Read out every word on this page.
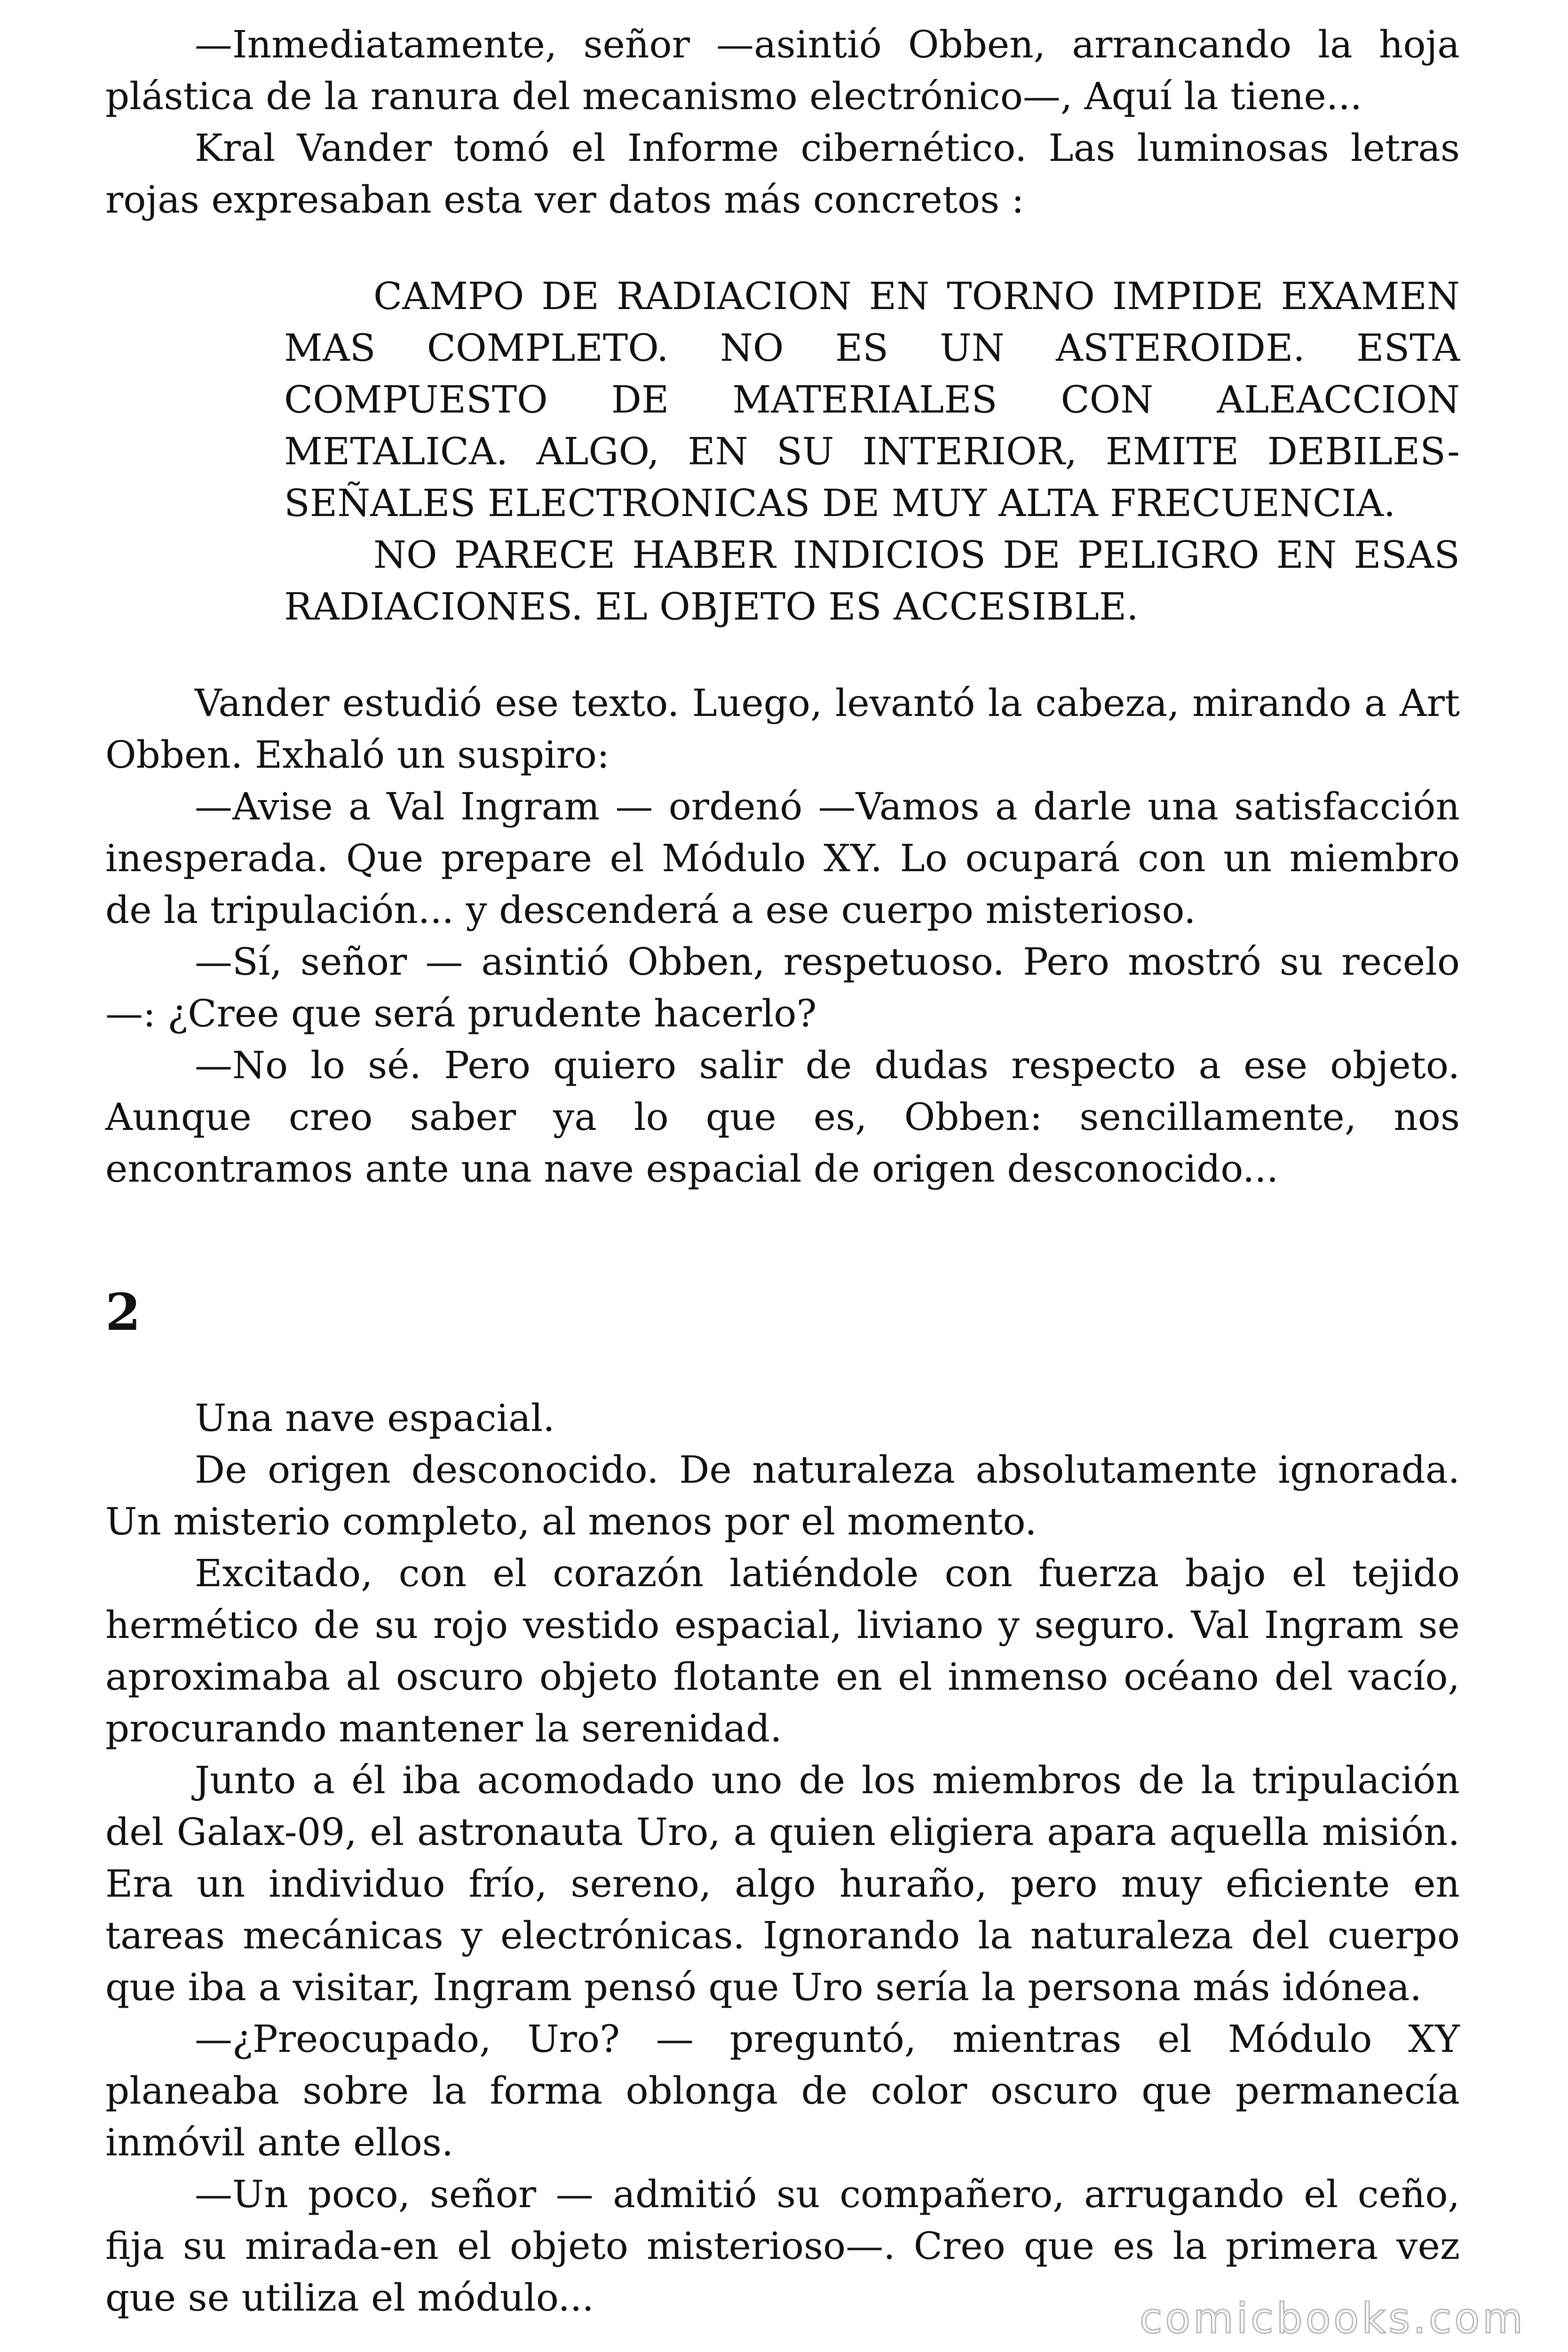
—Inmediatamente, señor —asintió Obben, arrancando la hoja plástica de la ranura del mecanismo electrónico—, Aquí la tiene...

Kral Vander tomó el Informe cibernético. Las luminosas letras rojas expresaban esta ver datos más concretos :

CAMPO DE RADIACION EN TORNO IMPIDE EXAMEN MAS COMPLETO. NO ES UN ASTEROIDE. ESTA COMPUESTO DE MATERIALES CON ALEACCION METALICA. ALGO, EN SU INTERIOR, EMITE DEBILES-SEÑALES ELECTRONICAS DE MUY ALTA FRECUENCIA.

NO PARECE HABER INDICIOS DE PELIGRO EN ESAS RADIACIONES. EL OBJETO ES ACCESIBLE.

Vander estudió ese texto. Luego, levantó la cabeza, mirando a Art Obben. Exhaló un suspiro:

—Avise a Val Ingram — ordenó —Vamos a darle una satisfacción inesperada. Que prepare el Módulo XY. Lo ocupará con un miembro de la tripulación... y descenderá a ese cuerpo misterioso.

—Sí, señor — asintió Obben, respetuoso. Pero mostró su recelo —: ¿Cree que será prudente hacerlo?

—No lo sé. Pero quiero salir de dudas respecto a ese objeto. Aunque creo saber ya lo que es, Obben: sencillamente, nos encontramos ante una nave espacial de origen desconocido...

2

Una nave espacial.

De origen desconocido. De naturaleza absolutamente ignorada. Un misterio completo, al menos por el momento.

Excitado, con el corazón latiéndole con fuerza bajo el tejido hermético de su rojo vestido espacial, liviano y seguro. Val Ingram se aproximaba al oscuro objeto flotante en el inmenso océano del vacío, procurando mantener la serenidad.

Junto a él iba acomodado uno de los miembros de la tripulación del Galax-09, el astronauta Uro, a quien eligiera apara aquella misión. Era un individuo frío, sereno, algo huraño, pero muy eficiente en tareas mecánicas y electrónicas. Ignorando la naturaleza del cuerpo que iba a visitar, Ingram pensó que Uro sería la persona más idónea.

—¿Preocupado, Uro? — preguntó, mientras el Módulo XY planeaba sobre la forma oblonga de color oscuro que permanecía inmóvil ante ellos.

—Un poco, señor — admitió su compañero, arrugando el ceño, fija su mirada-en el objeto misterioso—. Creo que es la primera vez que se utiliza el módulo...	comicbooks.com
